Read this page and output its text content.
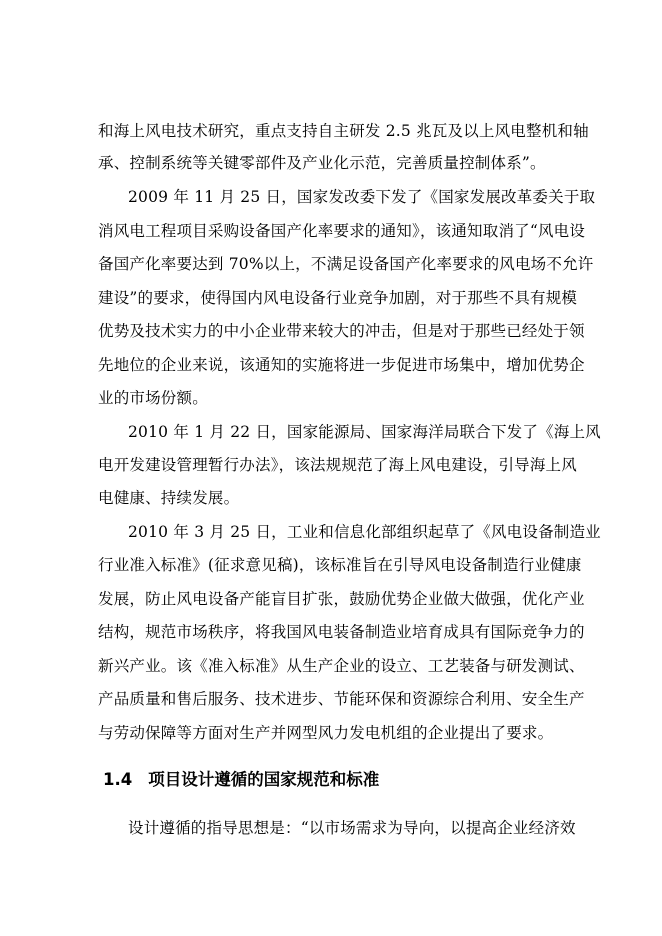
和海上风电技术研究，重点支持自主研发 2.5 兆瓦及以上风电整机和轴
承、控制系统等关键零部件及产业化示范，完善质量控制体系”。
2009 年 11 月 25 日，国家发改委下发了《国家发展改革委关于取
消风电工程项目采购设备国产化率要求的通知》，该通知取消了“风电设
备国产化率要达到 70%以上，不满足设备国产化率要求的风电场不允许
建设”的要求，使得国内风电设备行业竞争加剧，对于那些不具有规模
优势及技术实力的中小企业带来较大的冲击，但是对于那些已经处于领
先地位的企业来说，该通知的实施将进一步促进市场集中，增加优势企
业的市场份额。
2010 年 1 月 22 日，国家能源局、国家海洋局联合下发了《海上风
电开发建设管理暂行办法》，该法规规范了海上风电建设，引导海上风
电健康、持续发展。
2010 年 3 月 25 日，工业和信息化部组织起草了《风电设备制造业
行业准入标准》(征求意见稿)，该标准旨在引导风电设备制造行业健康
发展，防止风电设备产能盲目扩张，鼓励优势企业做大做强，优化产业
结构，规范市场秩序，将我国风电装备制造业培育成具有国际竞争力的
新兴产业。该《准入标准》从生产企业的设立、工艺装备与研发测试、
产品质量和售后服务、技术进步、节能环保和资源综合利用、安全生产
与劳动保障等方面对生产并网型风力发电机组的企业提出了要求。
1.4 项目设计遵循的国家规范和标准
设计遵循的指导思想是：“以市场需求为导向，以提高企业经济效
